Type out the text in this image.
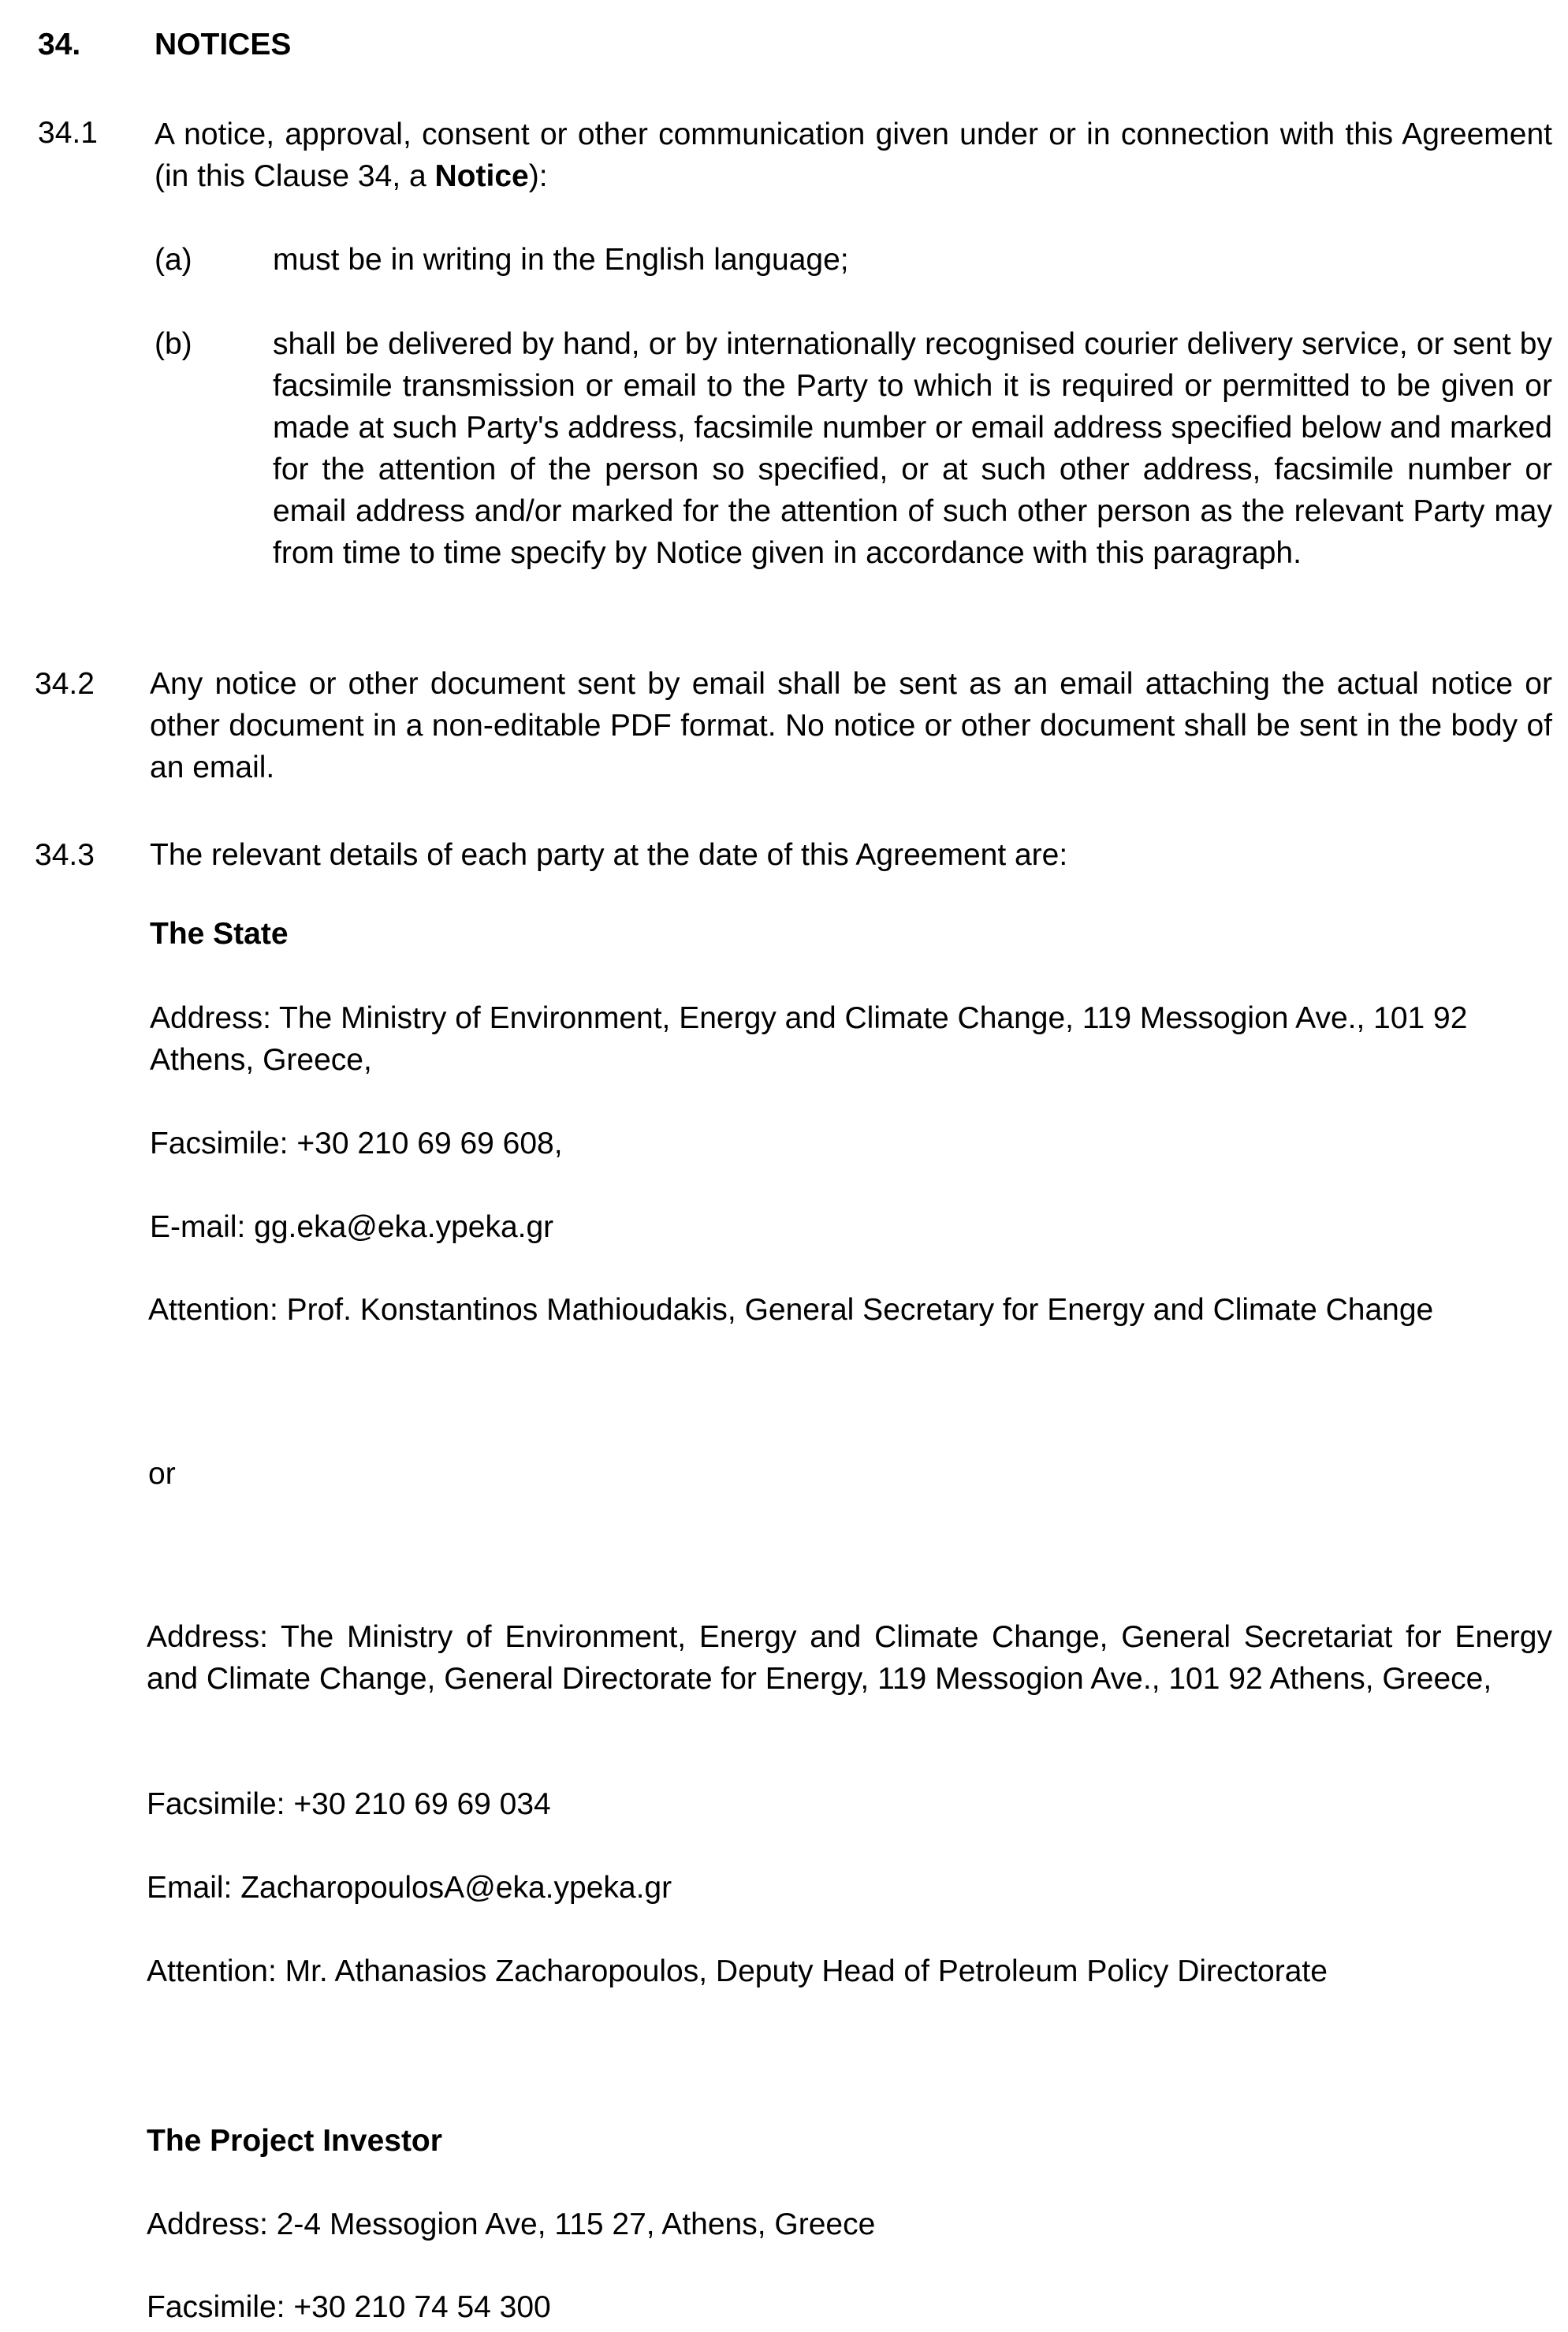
34. NOTICES
34.1 A notice, approval, consent or other communication given under or in connection with this Agreement (in this Clause 34, a Notice):
(a)	must be in writing in the English language;
(b)	shall be delivered by hand, or by internationally recognised courier delivery service, or sent by facsimile transmission or email to the Party to which it is required or permitted to be given or made at such Party's address, facsimile number or email address specified below and marked for the attention of the person so specified, or at such other address, facsimile number or email address and/or marked for the attention of such other person as the relevant Party may from time to time specify by Notice given in accordance with this paragraph.
34.2 Any notice or other document sent by email shall be sent as an email attaching the actual notice or other document in a non-editable PDF format. No notice or other document shall be sent in the body of an email.
34.3 The relevant details of each party at the date of this Agreement are:
The State
Address: The Ministry of Environment, Energy and Climate Change, 119 Messogion Ave., 101 92 Athens, Greece,
Facsimile: +30 210 69 69 608,
E-mail: gg.eka@eka.ypeka.gr
Attention: Prof. Konstantinos Mathioudakis, General Secretary for Energy and Climate Change
or
Address: The Ministry of Environment, Energy and Climate Change, General Secretariat for Energy and Climate Change, General Directorate for Energy, 119 Messogion Ave., 101 92 Athens, Greece,
Facsimile: +30 210 69 69 034
Email: ZacharopoulosA@eka.ypeka.gr
Attention: Mr. Athanasios Zacharopoulos, Deputy Head of Petroleum Policy Directorate
The Project Investor
Address: 2-4 Messogion Ave, 115 27, Athens, Greece
Facsimile: +30 210 74 54 300
